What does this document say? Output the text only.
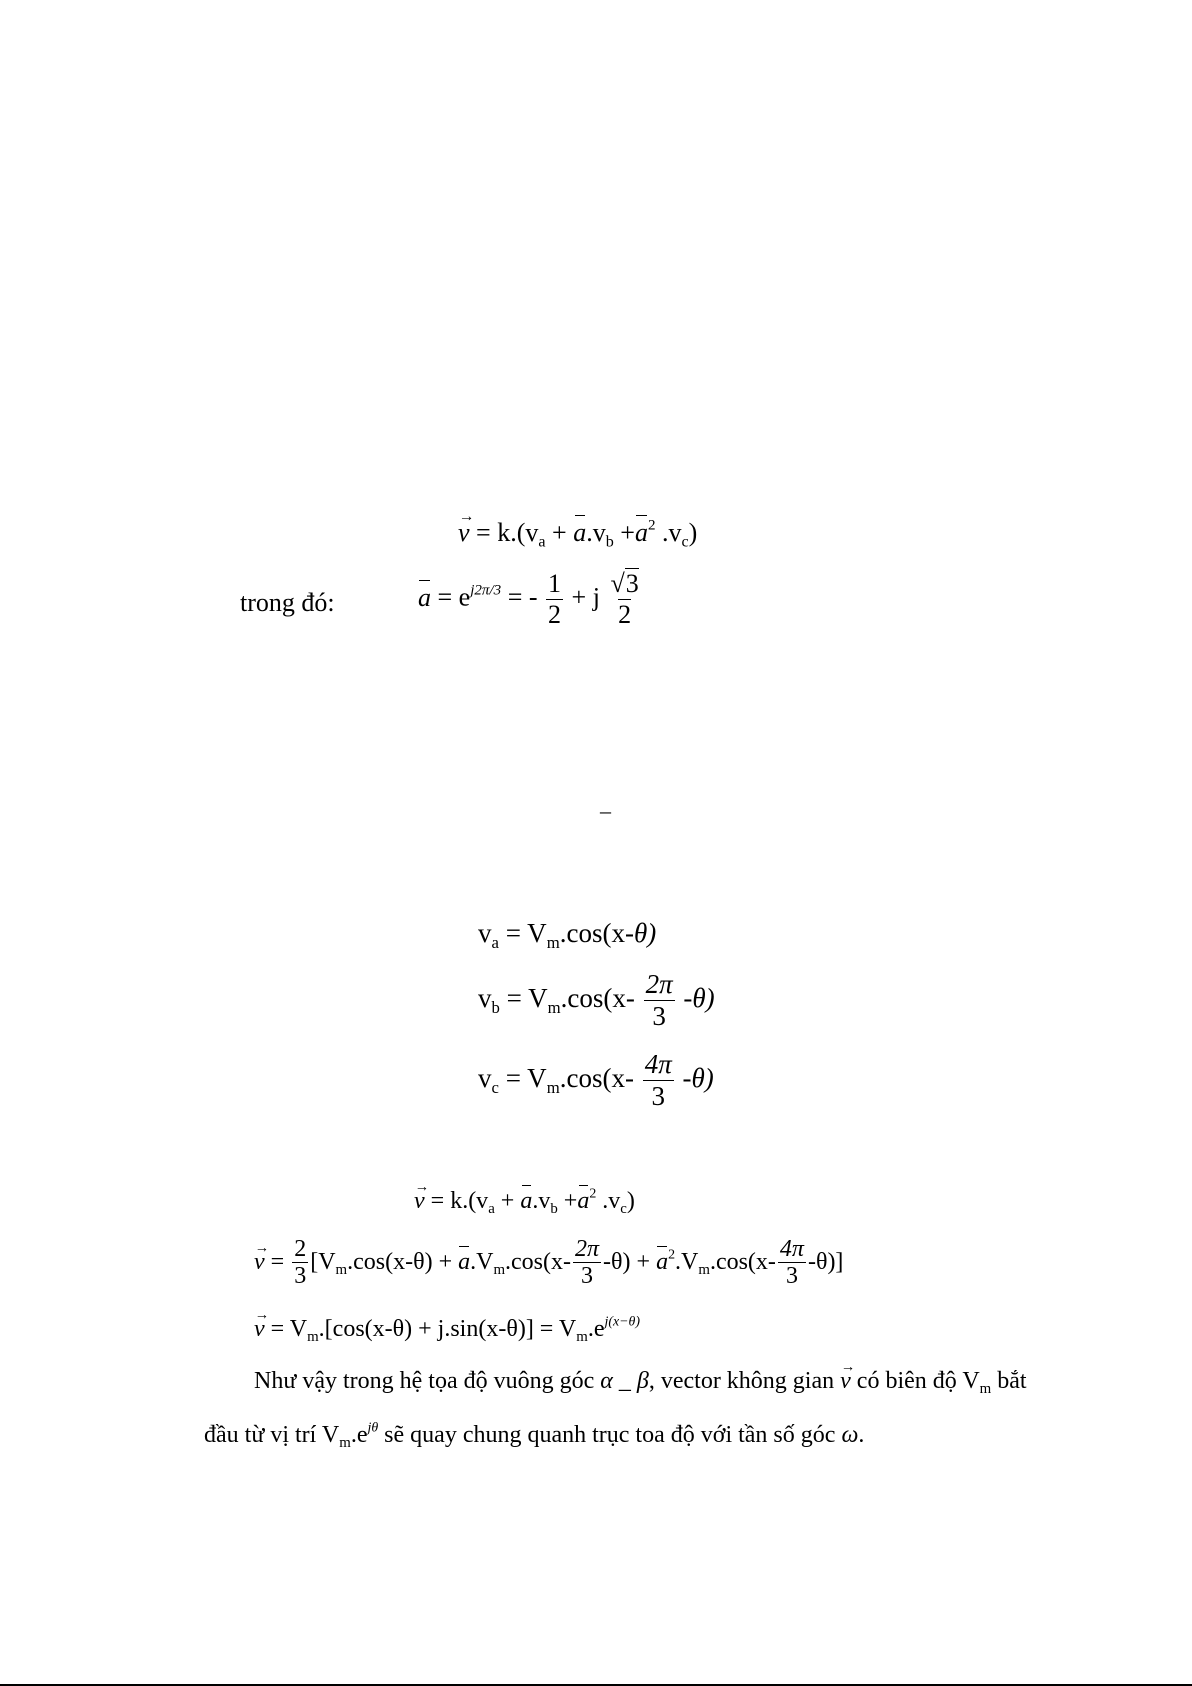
→ $v = k.(v_a + a.v_b +a^2$ $.v_c$)
trong đó:	$a = e^{j2\pi/3}$ = - $\frac{1}{2} + j \frac{√3}{2}$
–
$v_a = V_m.\cos(x-\theta)$
$v_b = V_m.\cos(x- \frac{2\pi}{3} -\theta)$
$v_c = V_m.\cos(x- \frac{4\pi}{3} -\theta)$
→ $v = k.(v_a + a.v_b +a^2$ $.v_c$)
→ $v = \frac{2}{3} [V_m.\cos(x-\theta) + a.V_m.\cos(x- \frac{2\pi}{3} -\theta) + a^2.V_m.\cos(x- \frac{4\pi}{3} -\theta)]$
→ $v = V_m.[\cos(x-\theta) + j.\sin(x-\theta)] = V_m.e^{j(x-\theta)}$
Như vậy trong hệ tọa độ vuông góc α _ β, vector không gian → v có biên độ $V_m$ bắt
đầu từ vị trí $V_m.e^{j\theta}$ sẽ quay chung quanh trục toa độ với tần số góc ω.
